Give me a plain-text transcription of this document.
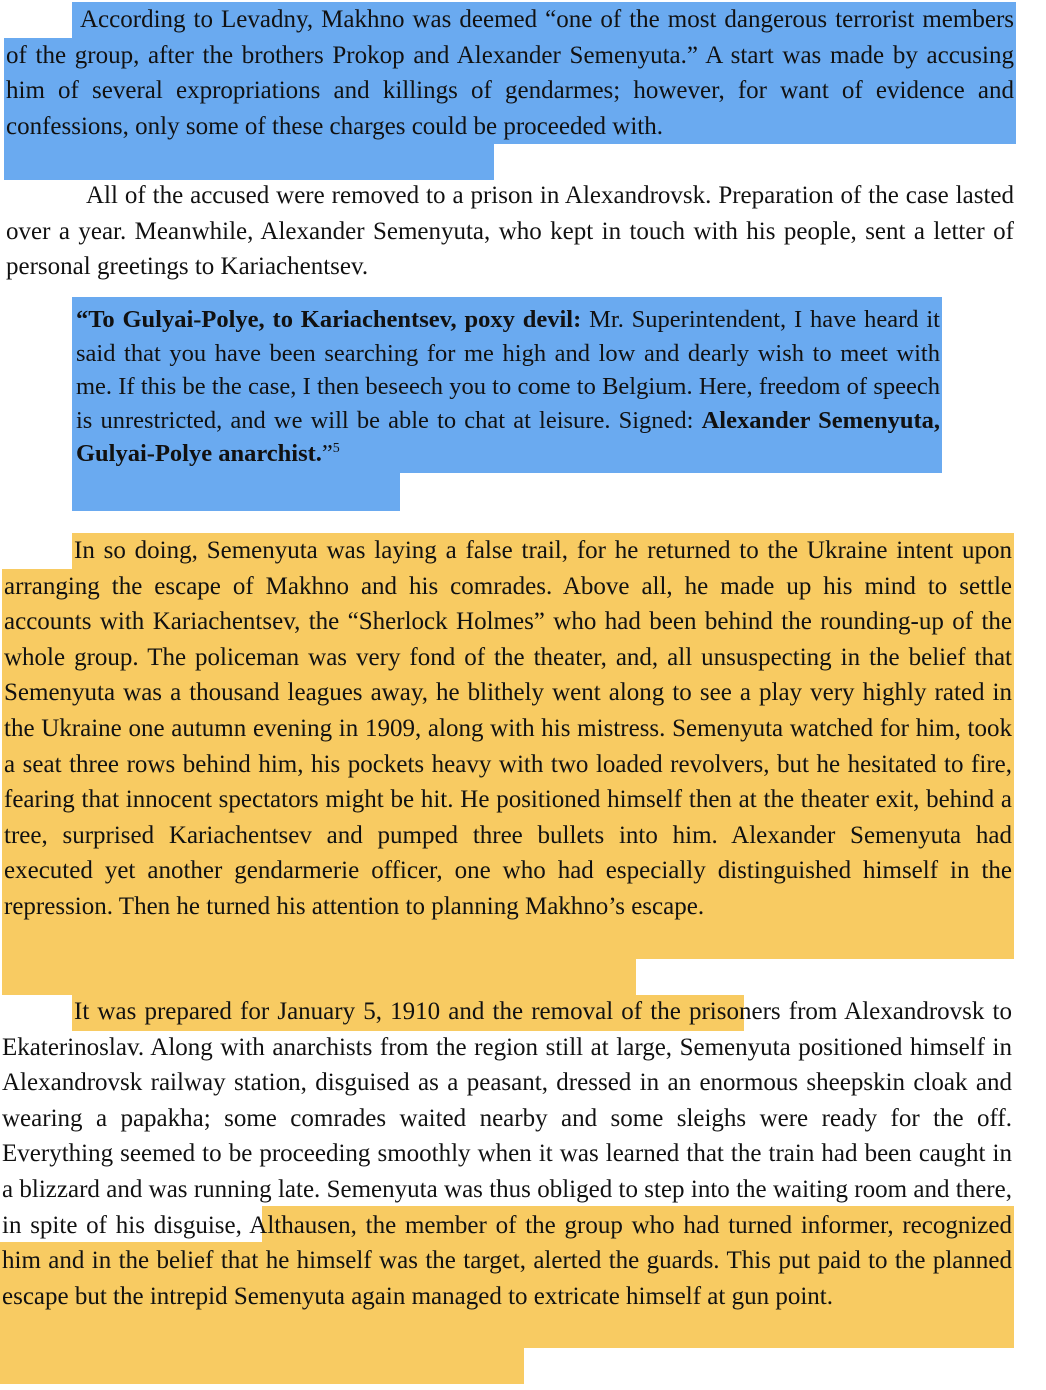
According to Levadny, Makhno was deemed “one of the most dangerous terrorist members of the group, after the brothers Prokop and Alexander Semenyuta.” A start was made by accusing him of several expropriations and killings of gendarmes; however, for want of evidence and confessions, only some of these charges could be proceeded with.

All of the accused were removed to a prison in Alexandrovsk. Preparation of the case lasted over a year. Meanwhile, Alexander Semenyuta, who kept in touch with his people, sent a letter of personal greetings to Kariachentsev.

“To Gulyai-Polye, to Kariachentsev, poxy devil: Mr. Superintendent, I have heard it said that you have been searching for me high and low and dearly wish to meet with me. If this be the case, I then beseech you to come to Belgium. Here, freedom of speech is unrestricted, and we will be able to chat at leisure. Signed: Alexander Semenyuta, Gulyai-Polye anarchist.”$^5$

In so doing, Semenyuta was laying a false trail, for he returned to the Ukraine intent upon arranging the escape of Makhno and his comrades. Above all, he made up his mind to settle accounts with Kariachentsev, the “Sherlock Holmes” who had been behind the rounding-up of the whole group. The policeman was very fond of the theater, and, all unsuspecting in the belief that Semenyuta was a thousand leagues away, he blithely went along to see a play very highly rated in the Ukraine one autumn evening in 1909, along with his mistress. Semenyuta watched for him, took a seat three rows behind him, his pockets heavy with two loaded revolvers, but he hesitated to fire, fearing that innocent spectators might be hit. He positioned himself then at the theater exit, behind a tree, surprised Kariachentsev and pumped three bullets into him. Alexander Semenyuta had executed yet another gendarmerie officer, one who had especially distinguished himself in the repression. Then he turned his attention to planning Makhno’s escape.

It was prepared for January 5, 1910 and the removal of the prisoners from Alexandrovsk to Ekaterinoslav. Along with anarchists from the region still at large, Semenyuta positioned himself in Alexandrovsk railway station, disguised as a peasant, dressed in an enormous sheepskin cloak and wearing a papakha; some comrades waited nearby and some sleighs were ready for the off. Everything seemed to be proceeding smoothly when it was learned that the train had been caught in a blizzard and was running late. Semenyuta was thus obliged to step into the waiting room and there, in spite of his disguise, Althausen, the member of the group who had turned informer, recognized him and in the belief that he himself was the target, alerted the guards. This put paid to the planned escape but the intrepid Semenyuta again managed to extricate himself at gun point.
